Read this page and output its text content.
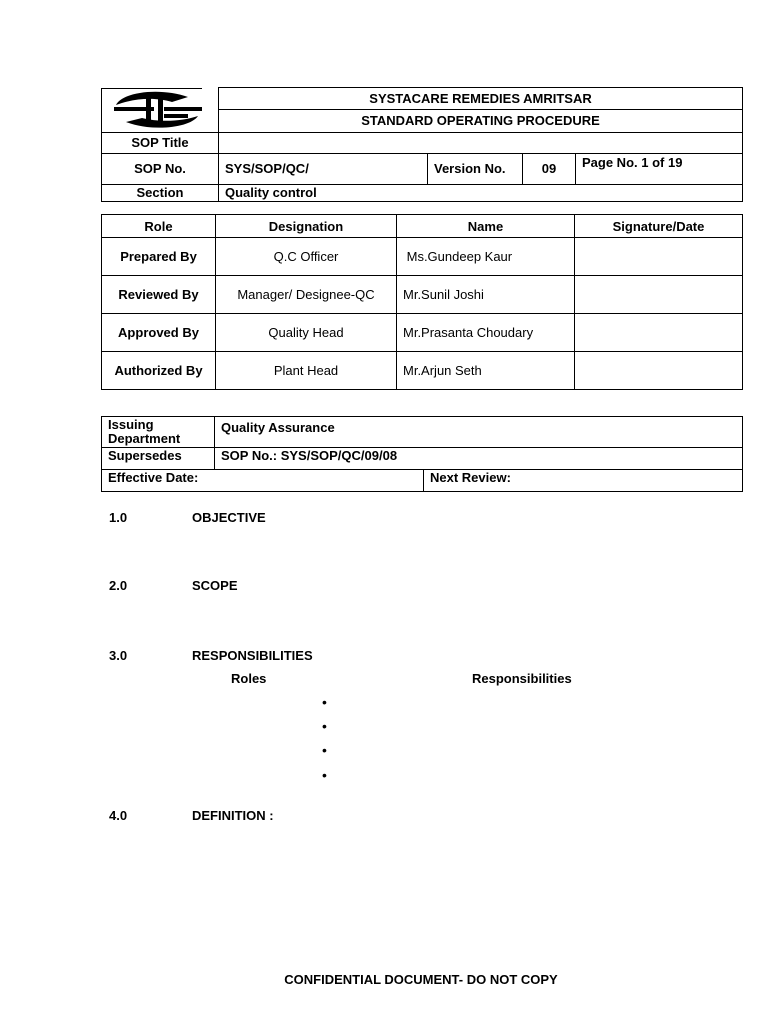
	SYSTACARE REMEDIES AMRITSAR			
	STANDARD OPERATING PROCEDURE			
SOP Title				
SOP No.	SYS/SOP/QC/	Version No.	09	Page No. 1 of 19
Section	Quality control			
Role	Designation	Name	Signature/Date
Prepared By	Q.C Officer	Ms.Gundeep Kaur	
Reviewed By	Manager/ Designee-QC	Mr.Sunil Joshi	
Approved By	Quality Head	Mr.Prasanta Choudary	
Authorized By	Plant Head	Mr.Arjun Seth	
Issuing Department	Quality Assurance	
Supersedes	SOP No.: SYS/SOP/QC/09/08	
Effective Date:		Next Review:
1.0	OBJECTIVE
2.0	SCOPE
3.0	RESPONSIBILITIES
Roles	Responsibilities
•
•
•
•
4.0	DEFINITION :
CONFIDENTIAL DOCUMENT- DO NOT COPY
